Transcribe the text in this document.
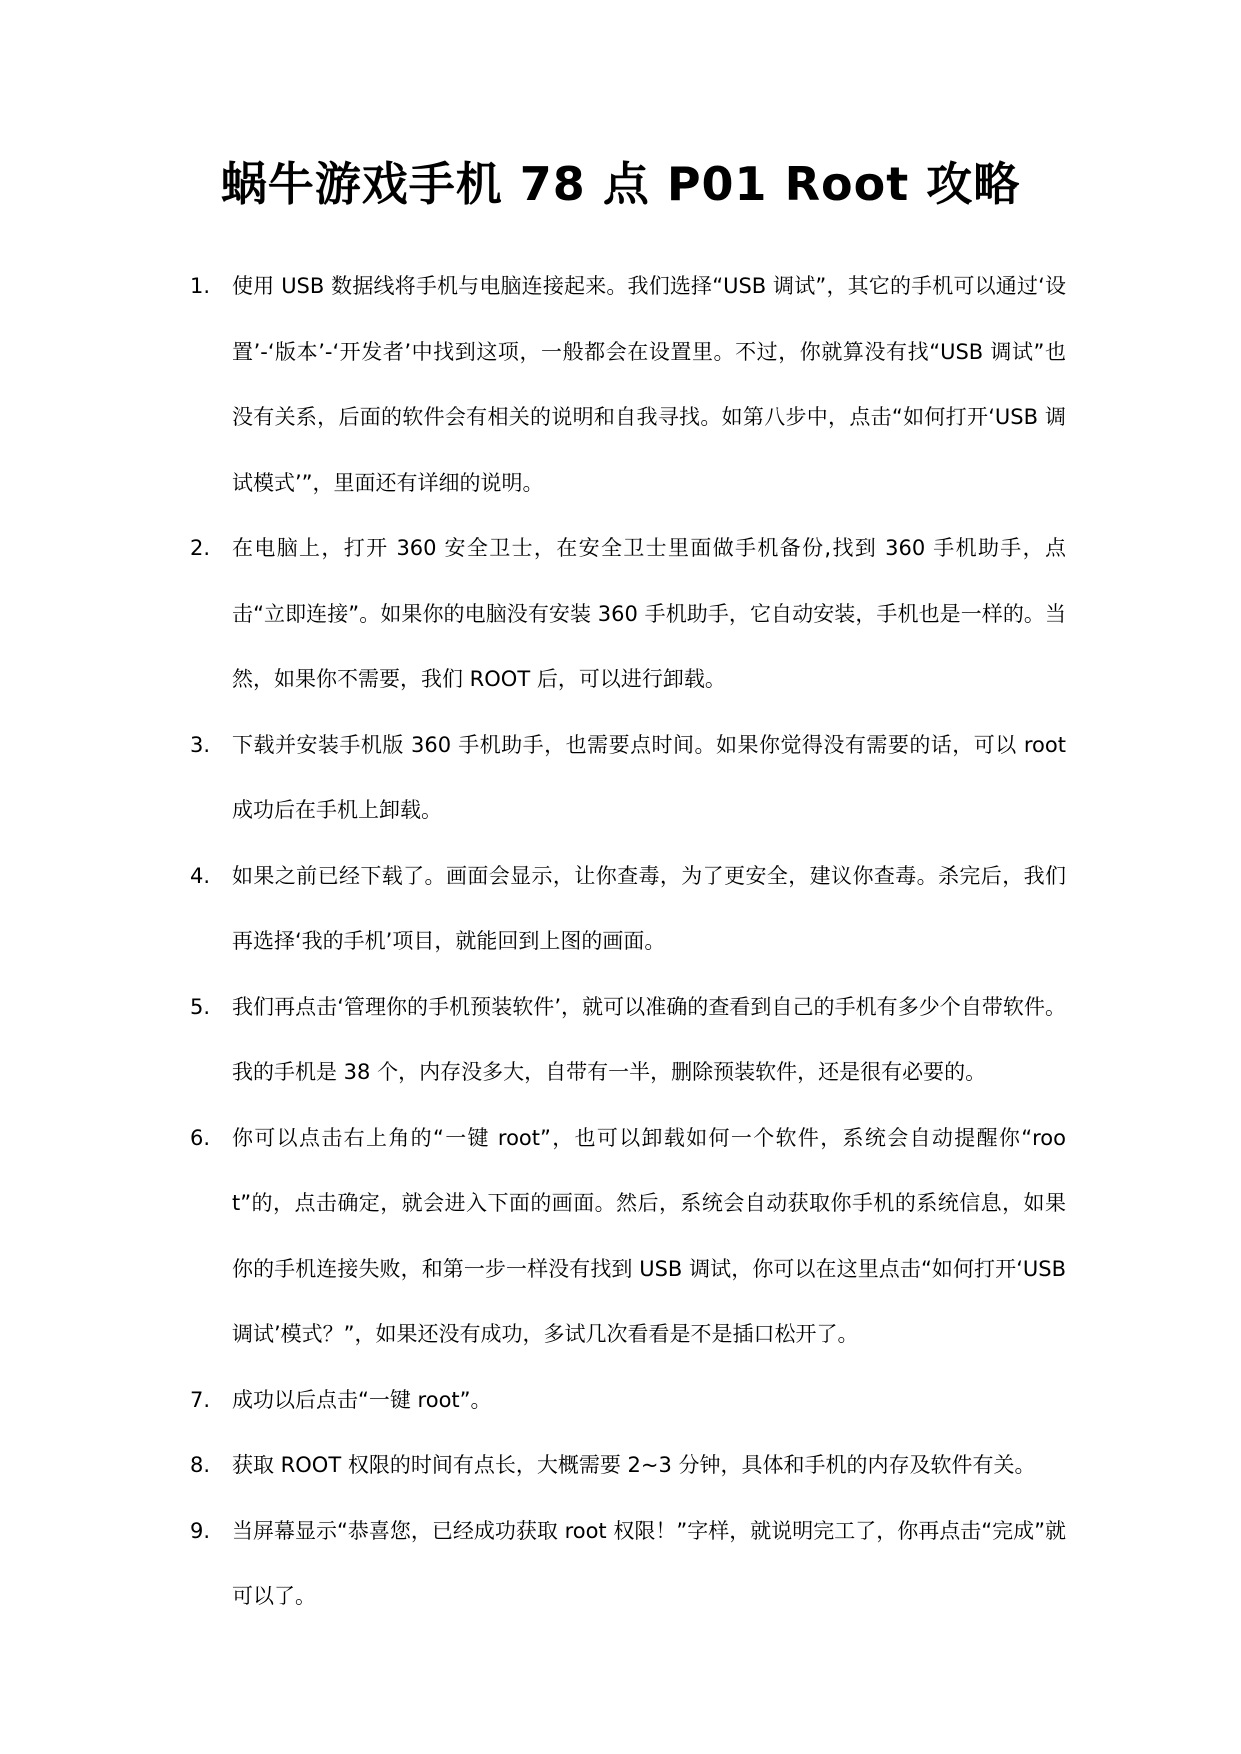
蜗牛游戏手机 78 点 P01 Root 攻略
1. 使用 USB 数据线将手机与电脑连接起来。我们选择“USB 调试”，其它的手机可以通过‘设置’-‘版本’-‘开发者’中找到这项，一般都会在设置里。不过，你就算没有找“USB 调试”也没有关系，后面的软件会有相关的说明和自我寻找。如第八步中，点击“如何打开‘USB 调试模式’”，里面还有详细的说明。
2. 在电脑上，打开 360 安全卫士，在安全卫士里面做手机备份,找到 360 手机助手，点击“立即连接”。如果你的电脑没有安装 360 手机助手，它自动安装，手机也是一样的。当然，如果你不需要，我们 ROOT 后，可以进行卸载。
3. 下载并安装手机版 360 手机助手，也需要点时间。如果你觉得没有需要的话，可以 root 成功后在手机上卸载。
4. 如果之前已经下载了。画面会显示，让你查毒，为了更安全，建议你查毒。杀完后，我们再选择‘我的手机’项目，就能回到上图的画面。
5. 我们再点击‘管理你的手机预装软件’，就可以准确的查看到自己的手机有多少个自带软件。我的手机是 38 个，内存没多大，自带有一半，删除预装软件，还是很有必要的。
6. 你可以点击右上角的“一键 root”，也可以卸载如何一个软件，系统会自动提醒你“root”的，点击确定，就会进入下面的画面。然后，系统会自动获取你手机的系统信息，如果你的手机连接失败，和第一步一样没有找到 USB 调试，你可以在这里点击“如何打开‘USB 调试’模式？”，如果还没有成功，多试几次看看是不是插口松开了。
7. 成功以后点击“一键 root”。
8. 获取 ROOT 权限的时间有点长，大概需要 2~3 分钟，具体和手机的内存及软件有关。
9. 当屏幕显示“恭喜您，已经成功获取 root 权限！”字样，就说明完工了，你再点击“完成”就可以了。
